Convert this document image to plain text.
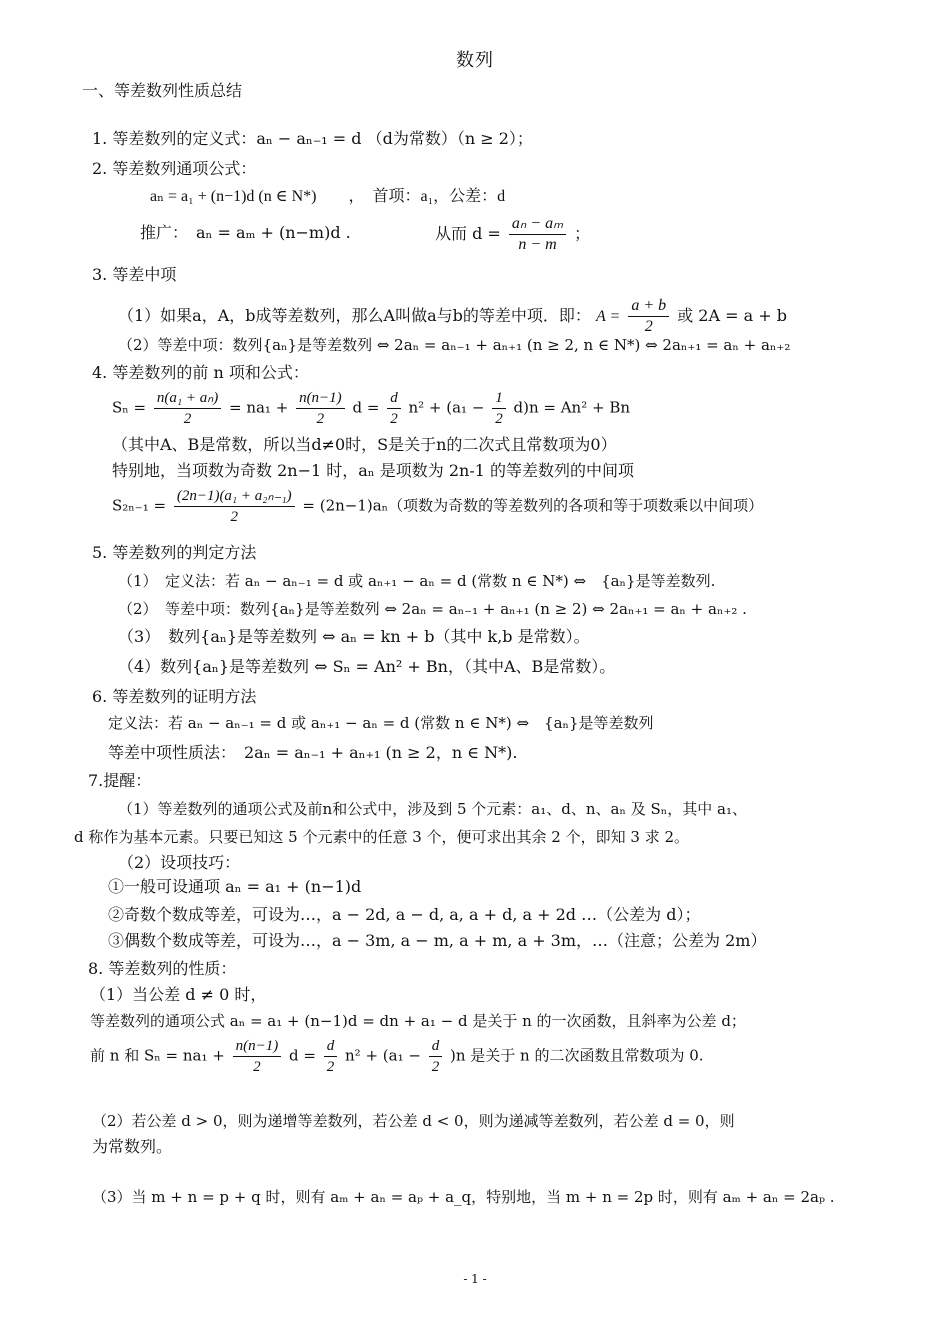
数列
一、等差数列性质总结
1. 等差数列的定义式：aₙ − aₙ₋₁ = d （d为常数）（n ≥ 2）；
2. 等差数列通项公式：
aₙ = a₁ + (n−1)d (n ∈ N*)　　，　首项：a₁，公差：d
推广：　aₙ = aₘ + (n−m)d .	从而 $d = \frac{\text{aₙ − aₘ}}{n - m}$ ；
3. 等差中项
（1）如果a，A，b成等差数列，那么A叫做a与b的等差中项．即： $A = \frac{a + b}{2}$ 或 2A = a + b
（2）等差中项：数列{aₙ}是等差数列 ⇔ 2aₙ = aₙ₋₁ + aₙ₊₁ (n ≥ 2, n ∈ N*) ⇔ 2aₙ₊₁ = aₙ + aₙ₊₂
4. 等差数列的前 n 项和公式：
$S_n = \frac{\text{n(a₁ + aₙ)}}{2} = na_1 + \frac{n(n-1)}{2}$ $d = \frac{d}{2} n^2 + (a_1 - \frac{1}{2} d)n = An^2 + Bn$
（其中A、B是常数，所以当d≠0时，S是关于n的二次式且常数项为0）
特别地，当项数为奇数 2n−1 时，aₙ 是项数为 2n-1 的等差数列的中间项
$S_{2n-1} = \frac{\text{(2n−1)(a₁ + a₂ₙ₋₁)}}{2} = (2n-1)a_n$（项数为奇数的等差数列的各项和等于项数乘以中间项）
5. 等差数列的判定方法
（1）　定义法：若 aₙ − aₙ₋₁ = d 或 aₙ₊₁ − aₙ = d (常数 n ∈ N*) ⇔　{aₙ}是等差数列.
（2）　等差中项：数列{aₙ}是等差数列 ⇔ 2aₙ = aₙ₋₁ + aₙ₊₁ (n ≥ 2) ⇔ 2aₙ₊₁ = aₙ + aₙ₊₂ .
（3）　数列{aₙ}是等差数列 ⇔ aₙ = kn + b（其中 k,b 是常数）。
（4）数列{aₙ}是等差数列 ⇔ Sₙ = An² + Bn，（其中A、B是常数）。
6. 等差数列的证明方法
定义法：若 aₙ − aₙ₋₁ = d 或 aₙ₊₁ − aₙ = d (常数 n ∈ N*) ⇔　{aₙ}是等差数列
等差中项性质法：　2aₙ = aₙ₋₁ + aₙ₊₁ (n ≥ 2，n ∈ N*).
7.提醒：
（1）等差数列的通项公式及前n和公式中，涉及到 5 个元素：a₁、d、n、aₙ 及 Sₙ，其中 a₁、
d 称作为基本元素。只要已知这 5 个元素中的任意 3 个，便可求出其余 2 个，即知 3 求 2。
（2）设项技巧：
①一般可设通项 aₙ = a₁ + (n−1)d
②奇数个数成等差，可设为…，a − 2d, a − d, a, a + d, a + 2d …（公差为 d）；
③偶数个数成等差，可设为…，a − 3m, a − m, a + m, a + 3m，…（注意；公差为 2m）
8. 等差数列的性质：
（1）当公差 d ≠ 0 时，
等差数列的通项公式 aₙ = a₁ + (n−1)d = dn + a₁ − d 是关于 n 的一次函数，且斜率为公差 d；
前 n 和 $S_n = na_1 + \frac{n(n-1)}{2}$ $d = \frac{d}{2} n^2 + (a_1 - \frac{d}{2} )n$ 是关于 n 的二次函数且常数项为 0.
（2）若公差 d > 0，则为递增等差数列，若公差 d < 0，则为递减等差数列，若公差 d = 0，则
为常数列。
（3）当 m + n = p + q 时，则有 aₘ + aₙ = aₚ + a_q，特别地，当 m + n = 2p 时，则有 aₘ + aₙ = 2aₚ .
- 1 -
